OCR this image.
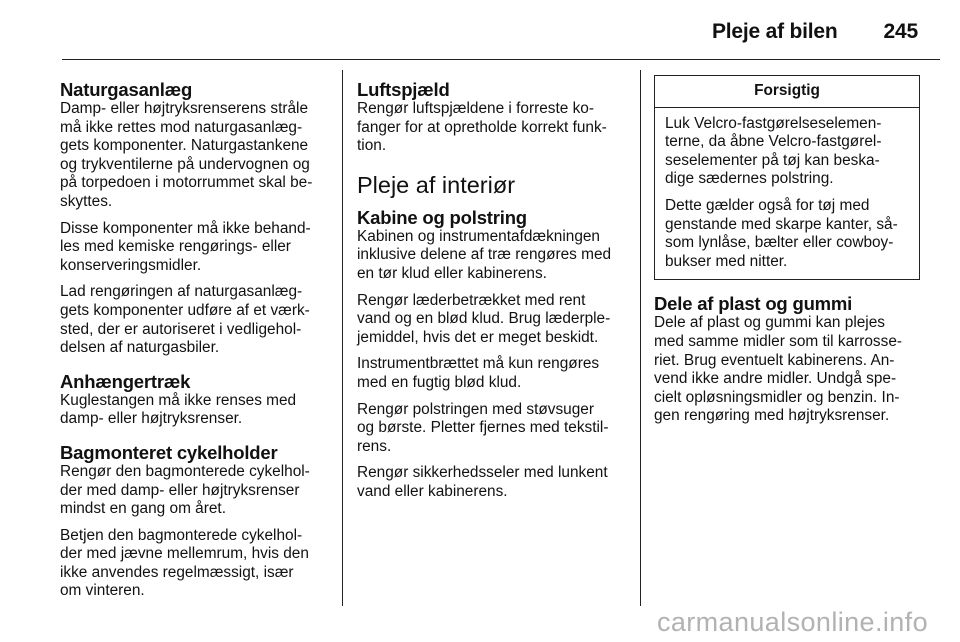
Pleje af bilen 245
Naturgasanlæg

Damp- eller højtryksrenserens stråle
må ikke rettes mod naturgasanlæg-
gets komponenter. Naturgastankene
og trykventilerne på undervognen og
på torpedoen i motorrummet skal be-
skyttes.

Disse komponenter må ikke behand-
les med kemiske rengørings- eller
konserveringsmidler.

Lad rengøringen af naturgasanlæg-
gets komponenter udføre af et værk-
sted, der er autoriseret i vedligehol-
delsen af naturgasbiler.

Anhængertræk

Kuglestangen må ikke renses med
damp- eller højtryksrenser.

Bagmonteret cykelholder

Rengør den bagmonterede cykelhol-
der med damp- eller højtryksrenser
mindst en gang om året.

Betjen den bagmonterede cykelhol-
der med jævne mellemrum, hvis den
ikke anvendes regelmæssigt, især
om vinteren.

Luftspjæld

Rengør luftspjældene i forreste ko-
fanger for at opretholde korrekt funk-
tion.

Pleje af interiør
Kabine og polstring

Kabinen og instrumentafdækningen
inklusive delene af træ rengøres med
en tør klud eller kabinerens.

Rengør læderbetrækket med rent
vand og en blød klud. Brug læderple-
jemiddel, hvis det er meget beskidt.

Instrumentbrættet må kun rengøres
med en fugtig blød klud.

Rengør polstringen med støvsuger
og børste. Pletter fjernes med tekstil-
rens.

Rengør sikkerhedsseler med lunkent
vand eller kabinerens.

Forsigtig

Luk Velcro-fastgørelseselemen-
terne, da åbne Velcro-fastgørel-
seselementer på tøj kan beska-
dige sædernes polstring.

Dette gælder også for tøj med
genstande med skarpe kanter, så-
som lynlåse, bælter eller cowboy-
bukser med nitter.

Dele af plast og gummi

Dele af plast og gummi kan plejes
med samme midler som til karrosse-
riet. Brug eventuelt kabinerens. An-
vend ikke andre midler. Undgå spe-
cielt opløsningsmidler og benzin. In-
gen rengøring med højtryksrenser.

carmanualsonline.info
